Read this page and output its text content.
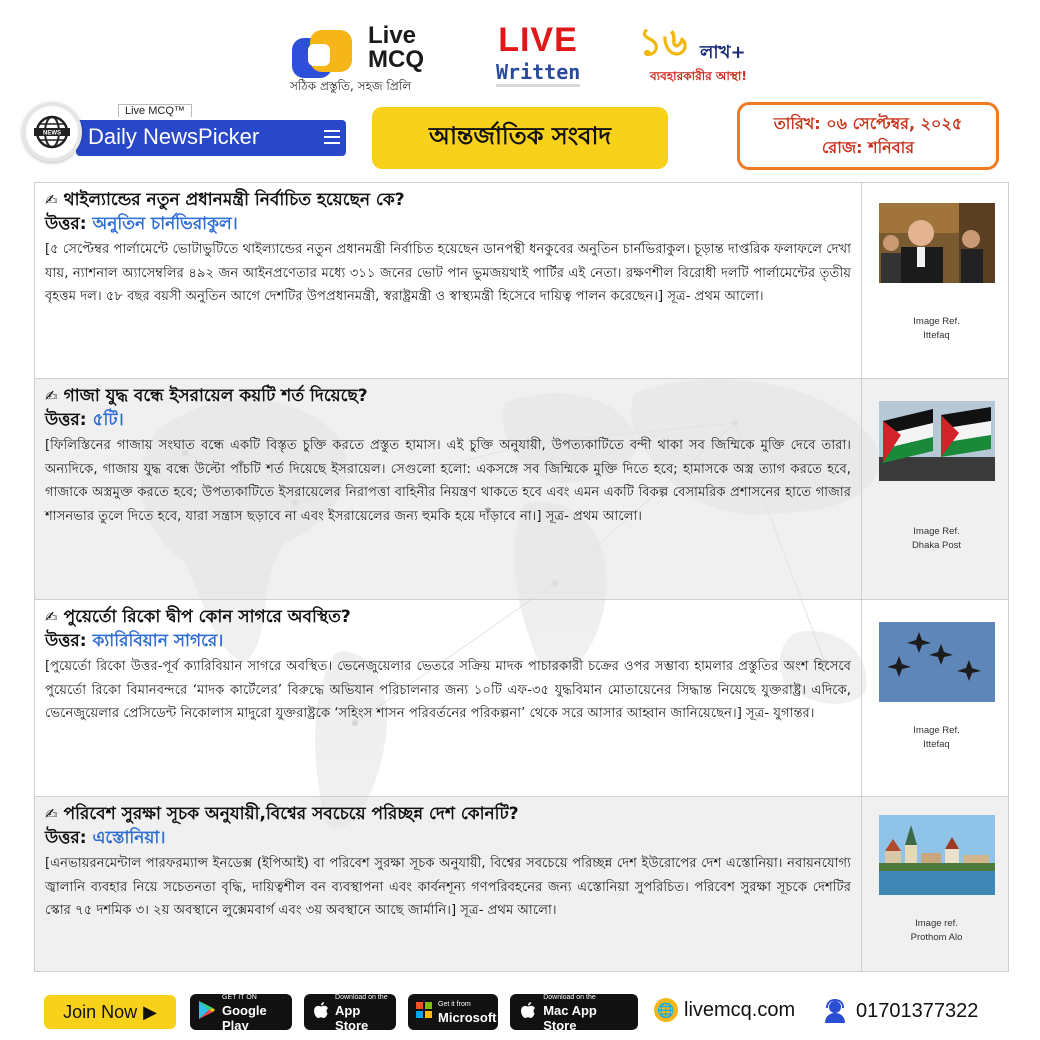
Live
MCQ
সঠিক প্রস্তুতি, সহজ প্রিলি
LIVE
Written
১৬ লাখ+
ব্যবহারকারীর আস্থা!
Daily NewsPicker
Live MCQ™
NEWS	আন্তর্জাতিক সংবাদ	তারিখ: ০৬ সেপ্টেম্বর, ২০২৫
রোজ: শনিবার
✍ থাইল্যান্ডের নতুন প্রধানমন্ত্রী নির্বাচিত হয়েছেন কে?
উত্তর: অনুতিন চার্নভিরাকুল।
[৫ সেপ্টেম্বর পার্লামেন্টে ভোটাভুটিতে থাইল্যান্ডের নতুন প্রধানমন্ত্রী নির্বাচিত হয়েছেন ডানপন্থী ধনকুবের অনুতিন চার্নভিরাকুল। চূড়ান্ত দাপ্তরিক ফলাফলে দেখা যায়, ন্যাশনাল অ্যাসেম্বলির ৪৯২ জন আইনপ্রণেতার মধ্যে ৩১১ জনের ভোট পান ভুমজয়থাই পার্টির এই নেতা। রক্ষণশীল বিরোধী দলটি পার্লামেন্টের তৃতীয় বৃহত্তম দল। ৫৮ বছর বয়সী অনুতিন আগে দেশটির উপপ্রধানমন্ত্রী, স্বরাষ্ট্রমন্ত্রী ও স্বাস্থ্যমন্ত্রী হিসেবে দায়িত্ব পালন করেছেন।] সূত্র- প্রথম আলো।
Image Ref.
Ittefaq
✍ গাজা যুদ্ধ বন্ধে ইসরায়েল কয়টি শর্ত দিয়েছে?
উত্তর: ৫টি।
[ফিলিস্তিনের গাজায় সংঘাত বন্ধে একটি বিস্তৃত চুক্তি করতে প্রস্তুত হামাস। এই চুক্তি অনুযায়ী, উপত্যকাটিতে বন্দী থাকা সব জিম্মিকে মুক্তি দেবে তারা। অন্যদিকে, গাজায় যুদ্ধ বন্ধে উল্টো পাঁচটি শর্ত দিয়েছে ইসরায়েল। সেগুলো হলো: একসঙ্গে সব জিম্মিকে মুক্তি দিতে হবে; হামাসকে অস্ত্র ত্যাগ করতে হবে, গাজাকে অস্ত্রমুক্ত করতে হবে; উপত্যকাটিতে ইসরায়েলের নিরাপত্তা বাহিনীর নিয়ন্ত্রণ থাকতে হবে এবং এমন একটি বিকল্প বেসামরিক প্রশাসনের হাতে গাজার শাসনভার তুলে দিতে হবে, যারা সন্ত্রাস ছড়াবে না এবং ইসরায়েলের জন্য হুমকি হয়ে দাঁড়াবে না।] সূত্র- প্রথম আলো।
Image Ref.
Dhaka Post
✍ পুয়ের্তো রিকো দ্বীপ কোন সাগরে অবস্থিত?
উত্তর: ক্যারিবিয়ান সাগরে।
[পুয়ের্তো রিকো উত্তর-পূর্ব ক্যারিবিয়ান সাগরে অবস্থিত। ভেনেজুয়েলার ভেতরে সক্রিয় মাদক পাচারকারী চক্রের ওপর সম্ভাব্য হামলার প্রস্তুতির অংশ হিসেবে পুয়ের্তো রিকো বিমানবন্দরে ‘মাদক কার্টেলের’ বিরুদ্ধে অভিযান পরিচালনার জন্য ১০টি এফ-৩৫ যুদ্ধবিমান মোতায়েনের সিদ্ধান্ত নিয়েছে যুক্তরাষ্ট্র। এদিকে, ভেনেজুয়েলার প্রেসিডেন্ট নিকোলাস মাদুরো যুক্তরাষ্ট্রকে ‘সহিংস শাসন পরিবর্তনের পরিকল্পনা’ থেকে সরে আসার আহ্বান জানিয়েছেন।] সূত্র- যুগান্তর।
Image Ref.
Ittefaq
✍ পরিবেশ সুরক্ষা সূচক অনুযায়ী,বিশ্বের সবচেয়ে পরিচ্ছন্ন দেশ কোনটি?
উত্তর: এস্তোনিয়া।
[এনভায়রনমেন্টাল পারফরম্যান্স ইনডেক্স (ইপিআই) বা পরিবেশ সুরক্ষা সূচক অনুযায়ী, বিশ্বের সবচেয়ে পরিচ্ছন্ন দেশ ইউরোপের দেশ এস্তোনিয়া। নবায়নযোগ্য জ্বালানি ব্যবহার নিয়ে সচেতনতা বৃদ্ধি, দায়িত্বশীল বন ব্যবস্থাপনা এবং কার্বনশূন্য গণপরিবহনের জন্য এস্তোনিয়া সুপরিচিত। পরিবেশ সুরক্ষা সূচকে দেশটির স্কোর ৭৫ দশমিক ৩। ২য় অবস্থানে লুক্সেমবার্গ এবং ৩য় অবস্থানে আছে জার্মানি।] সূত্র- প্রথম আলো।
Image ref.
Prothom Alo
Join Now ▶
GET IT ON
Google Play
Download on the
App Store
Get it from
Microsoft
Download on the
Mac App Store
🌐 livemcq.com	01701377322
